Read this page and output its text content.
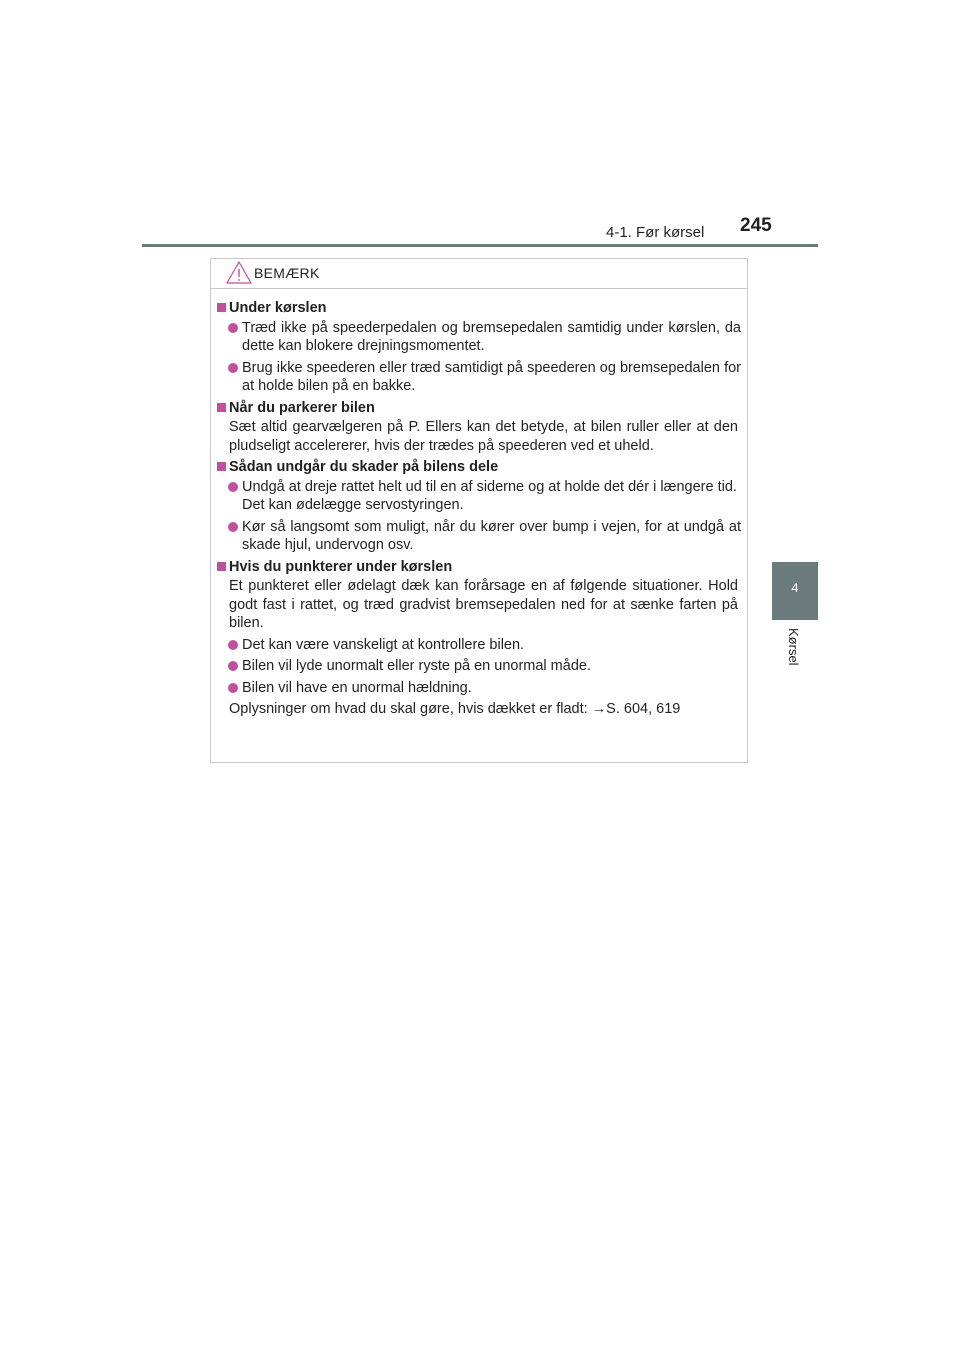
4-1. Før kørsel 245
4
Kørsel
BEMÆRK
Under kørslen
Træd ikke på speederpedalen og bremsepedalen samtidig under kørslen, da dette kan blokere drejningsmomentet.
Brug ikke speederen eller træd samtidigt på speederen og bremsepedalen for at holde bilen på en bakke.
Når du parkerer bilen
Sæt altid gearvælgeren på P. Ellers kan det betyde, at bilen ruller eller at den pludseligt accelererer, hvis der trædes på speederen ved et uheld.
Sådan undgår du skader på bilens dele
Undgå at dreje rattet helt ud til en af siderne og at holde det dér i længere tid.
Det kan ødelægge servostyringen.
Kør så langsomt som muligt, når du kører over bump i vejen, for at undgå at skade hjul, undervogn osv.
Hvis du punkterer under kørslen
Et punkteret eller ødelagt dæk kan forårsage en af følgende situationer. Hold godt fast i rattet, og træd gradvist bremsepedalen ned for at sænke farten på bilen.
Det kan være vanskeligt at kontrollere bilen.
Bilen vil lyde unormalt eller ryste på en unormal måde.
Bilen vil have en unormal hældning.
Oplysninger om hvad du skal gøre, hvis dækket er fladt: →S. 604, 619
